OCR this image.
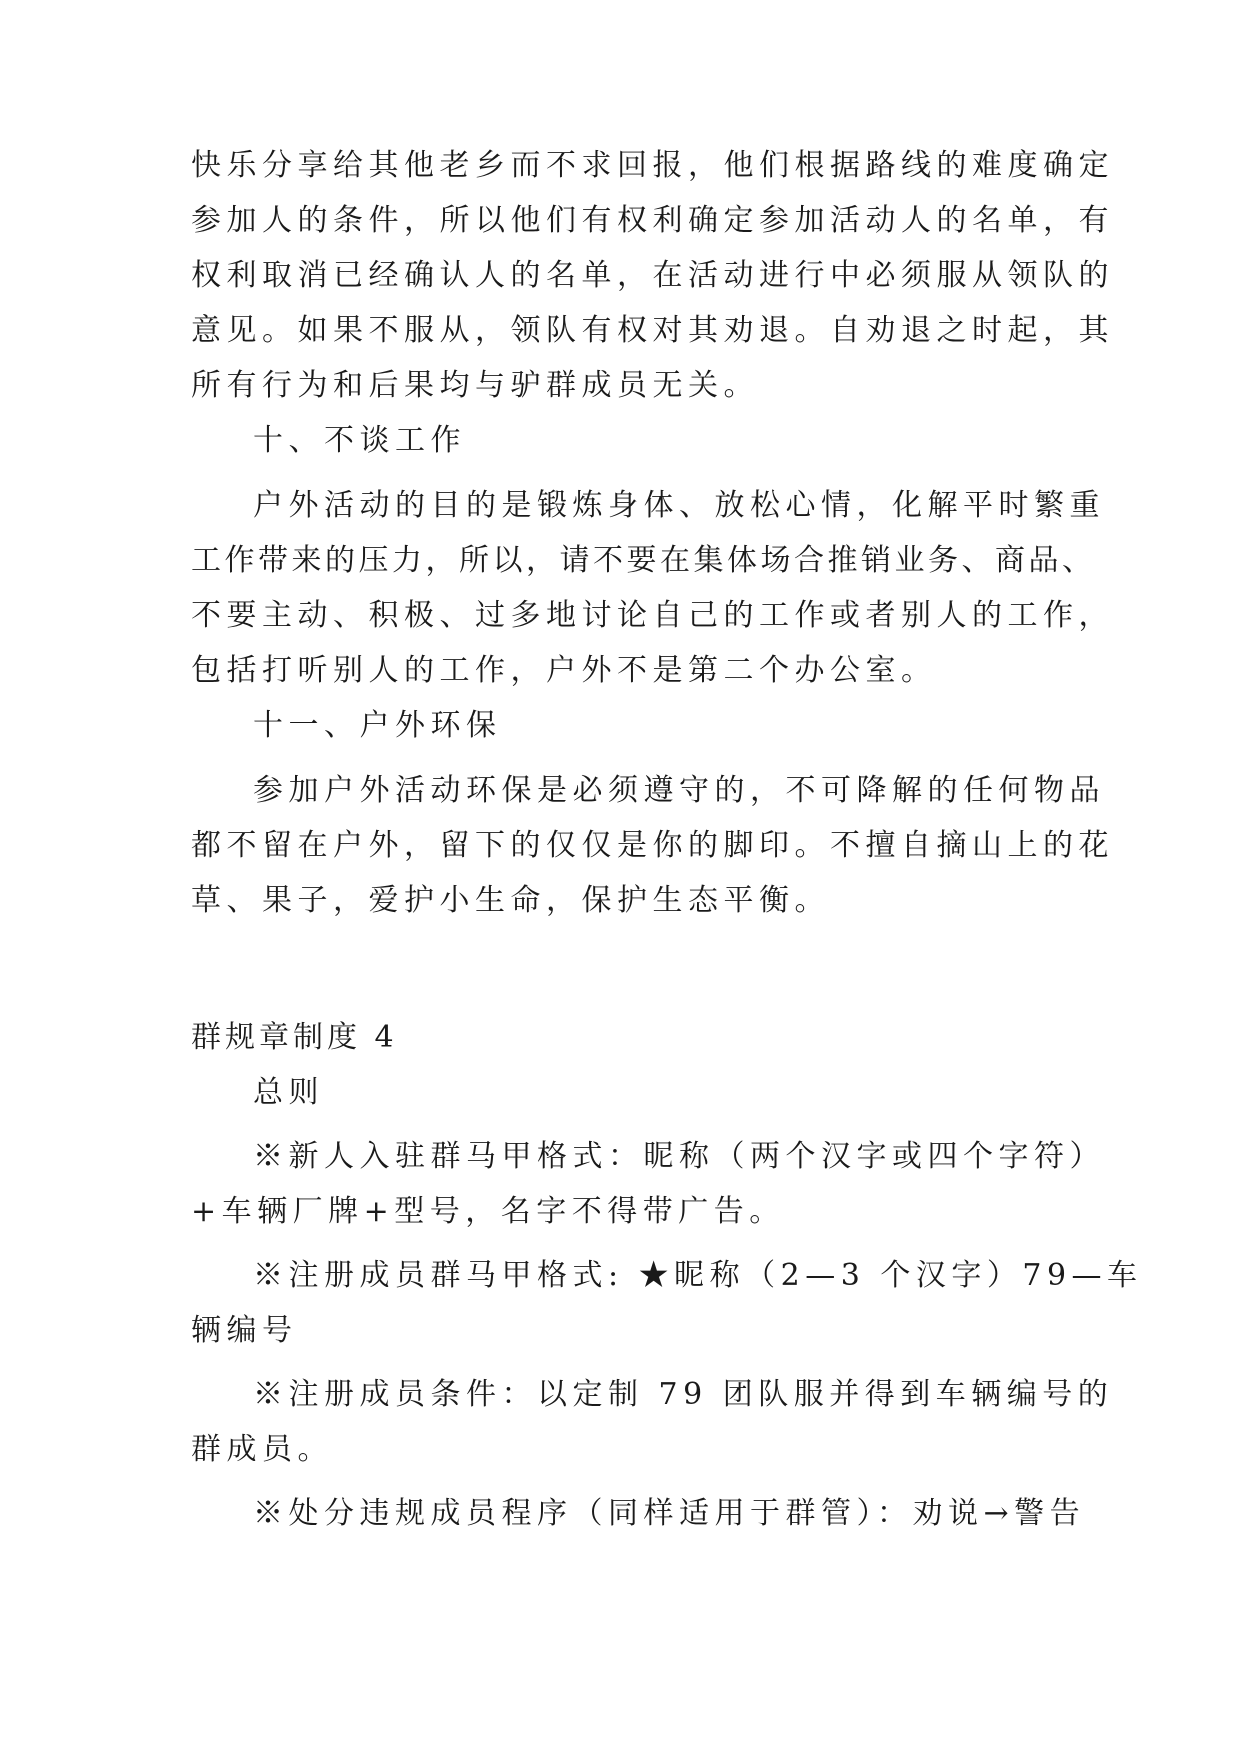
快乐分享给其他老乡而不求回报，他们根据路线的难度确定
参加人的条件，所以他们有权利确定参加活动人的名单，有
权利取消已经确认人的名单，在活动进行中必须服从领队的
意见。如果不服从，领队有权对其劝退。自劝退之时起，其
所有行为和后果均与驴群成员无关。
十、不谈工作
户外活动的目的是锻炼身体、放松心情，化解平时繁重
工作带来的压力，所以，请不要在集体场合推销业务、商品、
不要主动、积极、过多地讨论自己的工作或者别人的工作，
包括打听别人的工作，户外不是第二个办公室。
十一、户外环保
参加户外活动环保是必须遵守的，不可降解的任何物品
都不留在户外，留下的仅仅是你的脚印。不擅自摘山上的花
草、果子，爱护小生命，保护生态平衡。
群规章制度 4
总则
※新人入驻群马甲格式：昵称（两个汉字或四个字符）
+车辆厂牌+型号，名字不得带广告。
※注册成员群马甲格式: ★昵称（2—3 个汉字）79—车
辆编号
※注册成员条件：以定制 79 团队服并得到车辆编号的
群成员。
※处分违规成员程序（同样适用于群管）：劝说→警告
